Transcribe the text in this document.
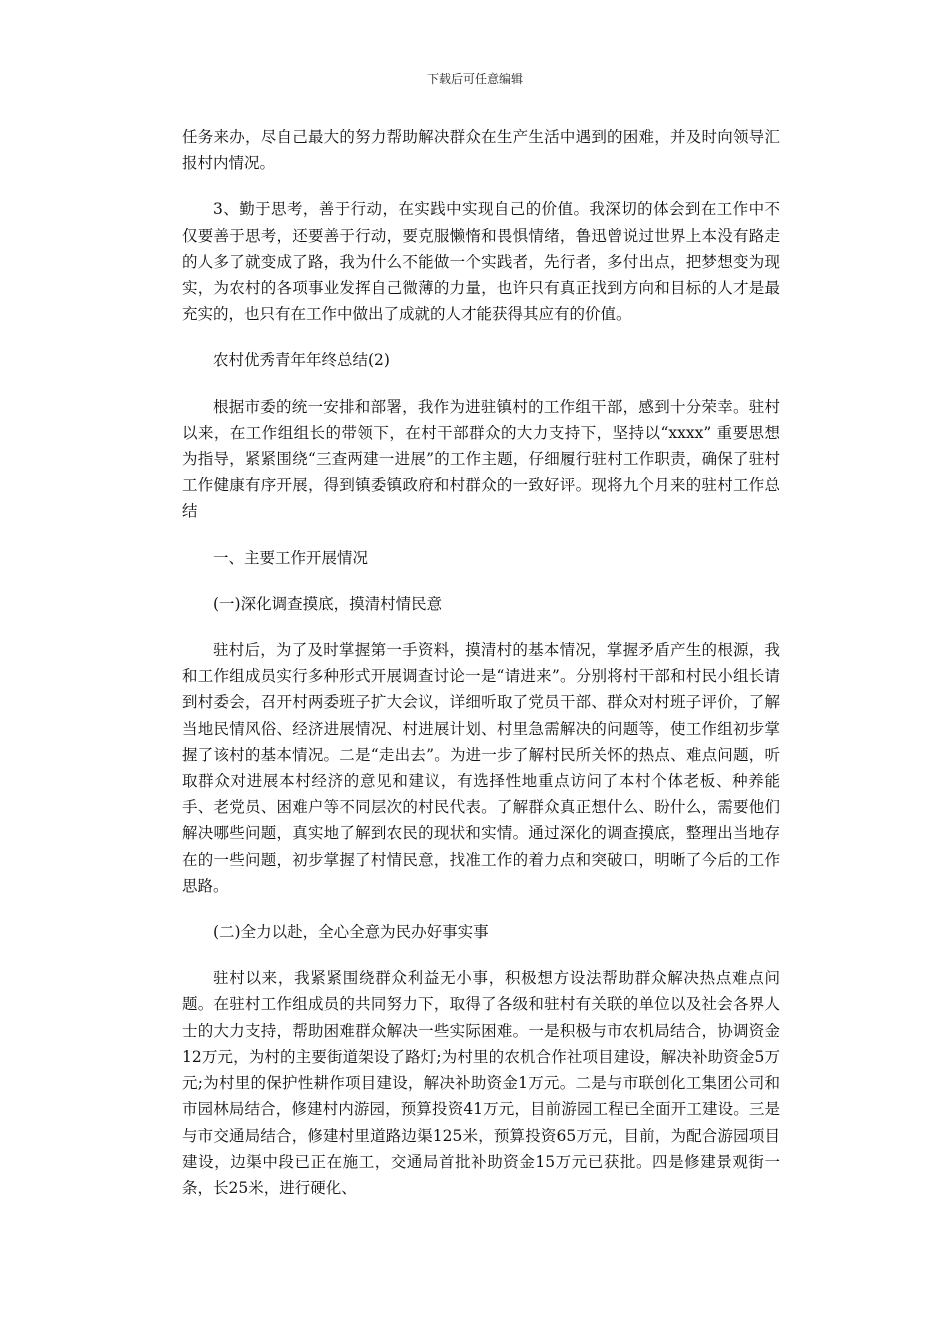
下载后可任意编辑

任务来办，尽自己最大的努力帮助解决群众在生产生活中遇到的困难，并及时向领导汇报村内情况。

3、勤于思考，善于行动，在实践中实现自己的价值。我深切的体会到在工作中不仅要善于思考，还要善于行动，要克服懒惰和畏惧情绪，鲁迅曾说过世界上本没有路走的人多了就变成了路，我为什么不能做一个实践者，先行者，多付出点，把梦想变为现实，为农村的各项事业发挥自己微薄的力量，也许只有真正找到方向和目标的人才是最充实的，也只有在工作中做出了成就的人才能获得其应有的价值。

农村优秀青年年终总结(2)

根据市委的统一安排和部署，我作为进驻镇村的工作组干部，感到十分荣幸。驻村以来，在工作组组长的带领下，在村干部群众的大力支持下，坚持以“xxxx” 重要思想为指导，紧紧围绕“三查两建一进展”的工作主题，仔细履行驻村工作职责，确保了驻村工作健康有序开展，得到镇委镇政府和村群众的一致好评。现将九个月来的驻村工作总结

一、主要工作开展情况

(一)深化调查摸底，摸清村情民意

驻村后，为了及时掌握第一手资料，摸清村的基本情况，掌握矛盾产生的根源，我和工作组成员实行多种形式开展调查讨论一是“请进来”。分别将村干部和村民小组长请到村委会，召开村两委班子扩大会议，详细听取了党员干部、群众对村班子评价，了解当地民情风俗、经济进展情况、村进展计划、村里急需解决的问题等，使工作组初步掌握了该村的基本情况。二是“走出去”。为进一步了解村民所关怀的热点、难点问题，听取群众对进展本村经济的意见和建议，有选择性地重点访问了本村个体老板、种养能手、老党员、困难户等不同层次的村民代表。了解群众真正想什么、盼什么，需要他们解决哪些问题，真实地了解到农民的现状和实情。通过深化的调查摸底，整理出当地存在的一些问题，初步掌握了村情民意，找准工作的着力点和突破口，明晰了今后的工作思路。

(二)全力以赴，全心全意为民办好事实事

驻村以来，我紧紧围绕群众利益无小事，积极想方设法帮助群众解决热点难点问题。在驻村工作组成员的共同努力下，取得了各级和驻村有关联的单位以及社会各界人士的大力支持，帮助困难群众解决一些实际困难。一是积极与市农机局结合，协调资金12万元，为村的主要街道架设了路灯;为村里的农机合作社项目建设，解决补助资金5万元;为村里的保护性耕作项目建设，解决补助资金1万元。二是与市联创化工集团公司和市园林局结合，修建村内游园，预算投资41万元，目前游园工程已全面开工建设。三是与市交通局结合，修建村里道路边渠125米，预算投资65万元，目前，为配合游园项目建设，边渠中段已正在施工，交通局首批补助资金15万元已获批。四是修建景观街一条，长25米，进行硬化、
